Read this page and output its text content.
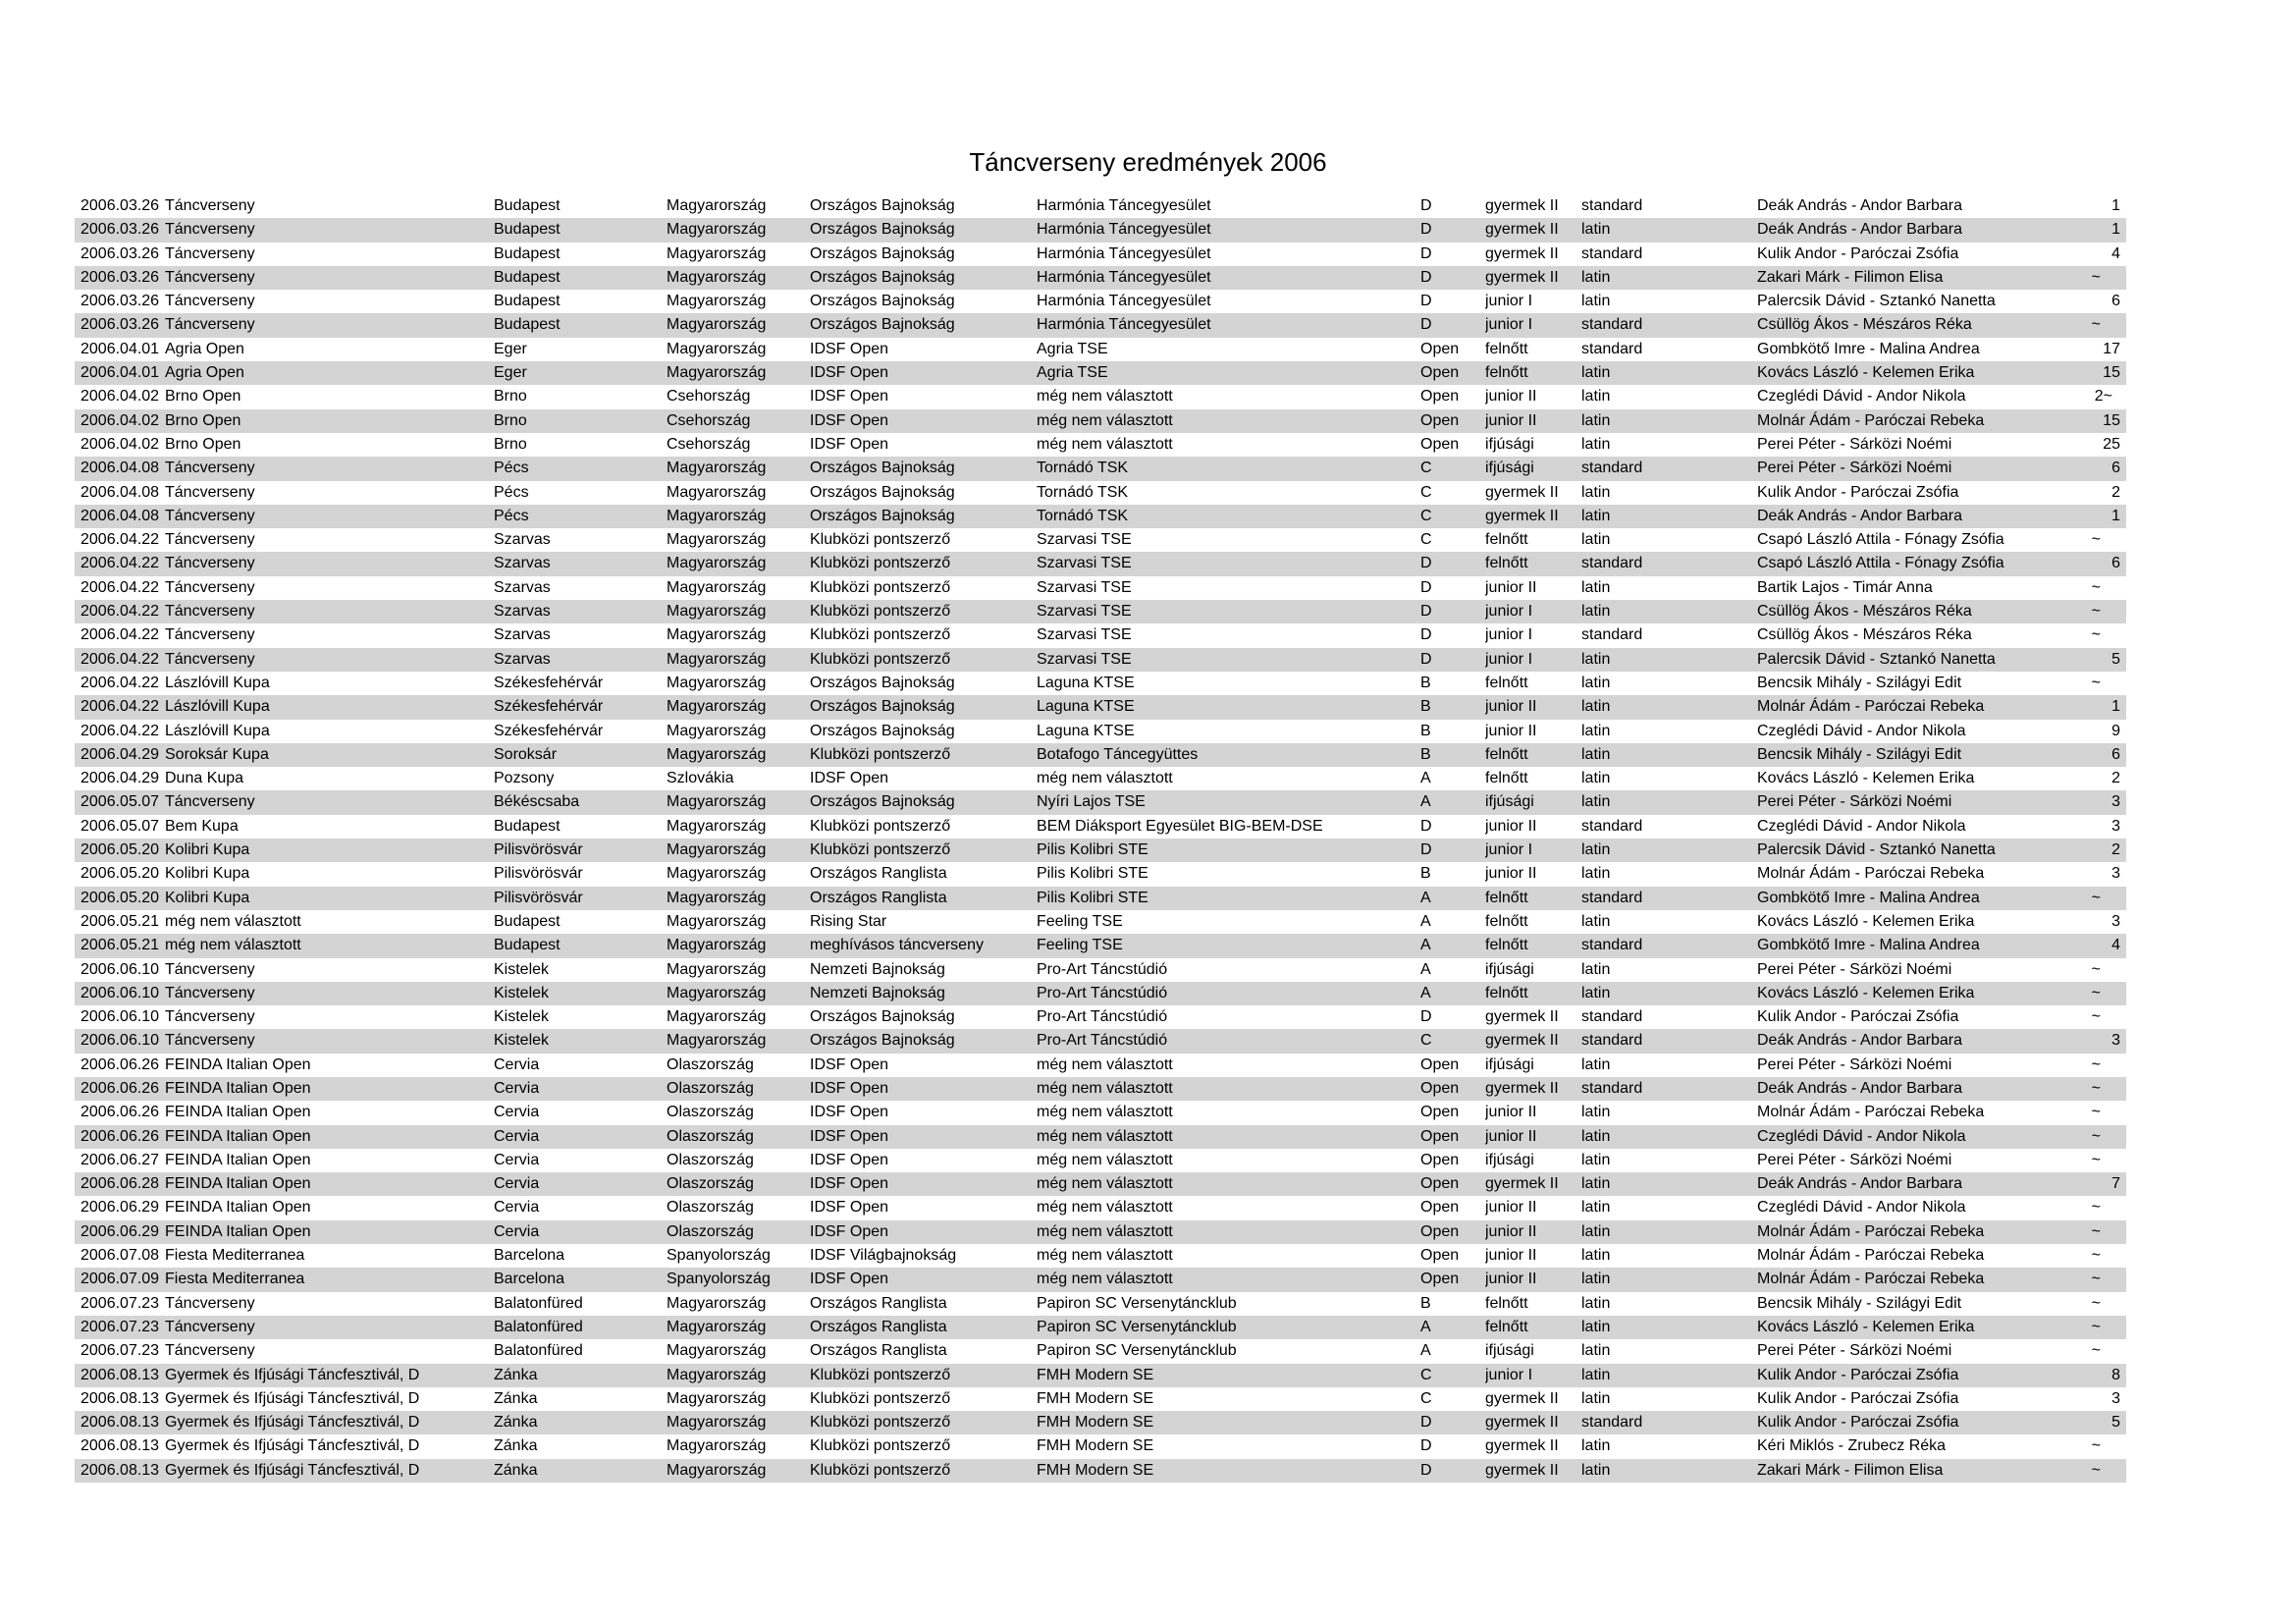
Táncverseny eredmények 2006
2006.03.26 Táncverseny	Budapest	Magyarország	Országos Bajnokság	Harmónia Táncegyesület	D	gyermek II	standard	Deák András - Andor Barbara	1
2006.03.26 Táncverseny	Budapest	Magyarország	Országos Bajnokság	Harmónia Táncegyesület	D	gyermek II	latin	Deák András - Andor Barbara	1
2006.03.26 Táncverseny	Budapest	Magyarország	Országos Bajnokság	Harmónia Táncegyesület	D	gyermek II	standard	Kulik Andor - Paróczai Zsófia	4
2006.03.26 Táncverseny	Budapest	Magyarország	Országos Bajnokság	Harmónia Táncegyesület	D	gyermek II	latin	Zakari Márk - Filimon Elisa	~
2006.03.26 Táncverseny	Budapest	Magyarország	Országos Bajnokság	Harmónia Táncegyesület	D	junior I	latin	Palercsik Dávid - Sztankó Nanetta	6
2006.03.26 Táncverseny	Budapest	Magyarország	Országos Bajnokság	Harmónia Táncegyesület	D	junior I	standard	Csüllög Ákos - Mészáros Réka	~
2006.04.01 Agria Open	Eger	Magyarország	IDSF Open	Agria TSE	Open	felnőtt	standard	Gombkötő Imre - Malina Andrea	17
2006.04.01 Agria Open	Eger	Magyarország	IDSF Open	Agria TSE	Open	felnőtt	latin	Kovács László - Kelemen Erika	15
2006.04.02 Brno Open	Brno	Csehország	IDSF Open	még nem választott	Open	junior II	latin	Czeglédi Dávid - Andor Nikola	2~
2006.04.02 Brno Open	Brno	Csehország	IDSF Open	még nem választott	Open	junior II	latin	Molnár Ádám - Paróczai Rebeka	15
2006.04.02 Brno Open	Brno	Csehország	IDSF Open	még nem választott	Open	ifjúsági	latin	Perei Péter - Sárközi Noémi	25
2006.04.08 Táncverseny	Pécs	Magyarország	Országos Bajnokság	Tornádó TSK	C	ifjúsági	standard	Perei Péter - Sárközi Noémi	6
2006.04.08 Táncverseny	Pécs	Magyarország	Országos Bajnokság	Tornádó TSK	C	gyermek II	latin	Kulik Andor - Paróczai Zsófia	2
2006.04.08 Táncverseny	Pécs	Magyarország	Országos Bajnokság	Tornádó TSK	C	gyermek II	latin	Deák András - Andor Barbara	1
2006.04.22 Táncverseny	Szarvas	Magyarország	Klubközi pontszerző	Szarvasi TSE	C	felnőtt	latin	Csapó László Attila - Fónagy Zsófia	~
2006.04.22 Táncverseny	Szarvas	Magyarország	Klubközi pontszerző	Szarvasi TSE	D	felnőtt	standard	Csapó László Attila - Fónagy Zsófia	6
2006.04.22 Táncverseny	Szarvas	Magyarország	Klubközi pontszerző	Szarvasi TSE	D	junior II	latin	Bartik Lajos - Timár Anna	~
2006.04.22 Táncverseny	Szarvas	Magyarország	Klubközi pontszerző	Szarvasi TSE	D	junior I	latin	Csüllög Ákos - Mészáros Réka	~
2006.04.22 Táncverseny	Szarvas	Magyarország	Klubközi pontszerző	Szarvasi TSE	D	junior I	standard	Csüllög Ákos - Mészáros Réka	~
2006.04.22 Táncverseny	Szarvas	Magyarország	Klubközi pontszerző	Szarvasi TSE	D	junior I	latin	Palercsik Dávid - Sztankó Nanetta	5
2006.04.22 Lászlóvill Kupa	Székesfehérvár	Magyarország	Országos Bajnokság	Laguna KTSE	B	felnőtt	latin	Bencsik Mihály - Szilágyi Edit	~
2006.04.22 Lászlóvill Kupa	Székesfehérvár	Magyarország	Országos Bajnokság	Laguna KTSE	B	junior II	latin	Molnár Ádám - Paróczai Rebeka	1
2006.04.22 Lászlóvill Kupa	Székesfehérvár	Magyarország	Országos Bajnokság	Laguna KTSE	B	junior II	latin	Czeglédi Dávid - Andor Nikola	9
2006.04.29 Soroksár Kupa	Soroksár	Magyarország	Klubközi pontszerző	Botafogo Táncegyüttes	B	felnőtt	latin	Bencsik Mihály - Szilágyi Edit	6
2006.04.29 Duna Kupa	Pozsony	Szlovákia	IDSF Open	még nem választott	A	felnőtt	latin	Kovács László - Kelemen Erika	2
2006.05.07 Táncverseny	Békéscsaba	Magyarország	Országos Bajnokság	Nyíri Lajos TSE	A	ifjúsági	latin	Perei Péter - Sárközi Noémi	3
2006.05.07 Bem Kupa	Budapest	Magyarország	Klubközi pontszerző	BEM Diáksport Egyesület BIG-BEM-DSE	D	junior II	standard	Czeglédi Dávid - Andor Nikola	3
2006.05.20 Kolibri Kupa	Pilisvörösvár	Magyarország	Klubközi pontszerző	Pilis Kolibri STE	D	junior I	latin	Palercsik Dávid - Sztankó Nanetta	2
2006.05.20 Kolibri Kupa	Pilisvörösvár	Magyarország	Országos Ranglista	Pilis Kolibri STE	B	junior II	latin	Molnár Ádám - Paróczai Rebeka	3
2006.05.20 Kolibri Kupa	Pilisvörösvár	Magyarország	Országos Ranglista	Pilis Kolibri STE	A	felnőtt	standard	Gombkötő Imre - Malina Andrea	~
2006.05.21 még nem választott	Budapest	Magyarország	Rising Star	Feeling TSE	A	felnőtt	latin	Kovács László - Kelemen Erika	3
2006.05.21 még nem választott	Budapest	Magyarország	meghívásos táncverseny	Feeling TSE	A	felnőtt	standard	Gombkötő Imre - Malina Andrea	4
2006.06.10 Táncverseny	Kistelek	Magyarország	Nemzeti Bajnokság	Pro-Art Táncstúdió	A	ifjúsági	latin	Perei Péter - Sárközi Noémi	~
2006.06.10 Táncverseny	Kistelek	Magyarország	Nemzeti Bajnokság	Pro-Art Táncstúdió	A	felnőtt	latin	Kovács László - Kelemen Erika	~
2006.06.10 Táncverseny	Kistelek	Magyarország	Országos Bajnokság	Pro-Art Táncstúdió	D	gyermek II	standard	Kulik Andor - Paróczai Zsófia	~
2006.06.10 Táncverseny	Kistelek	Magyarország	Országos Bajnokság	Pro-Art Táncstúdió	C	gyermek II	standard	Deák András - Andor Barbara	3
2006.06.26 FEINDA Italian Open	Cervia	Olaszország	IDSF Open	még nem választott	Open	ifjúsági	latin	Perei Péter - Sárközi Noémi	~
2006.06.26 FEINDA Italian Open	Cervia	Olaszország	IDSF Open	még nem választott	Open	gyermek II	standard	Deák András - Andor Barbara	~
2006.06.26 FEINDA Italian Open	Cervia	Olaszország	IDSF Open	még nem választott	Open	junior II	latin	Molnár Ádám - Paróczai Rebeka	~
2006.06.26 FEINDA Italian Open	Cervia	Olaszország	IDSF Open	még nem választott	Open	junior II	latin	Czeglédi Dávid - Andor Nikola	~
2006.06.27 FEINDA Italian Open	Cervia	Olaszország	IDSF Open	még nem választott	Open	ifjúsági	latin	Perei Péter - Sárközi Noémi	~
2006.06.28 FEINDA Italian Open	Cervia	Olaszország	IDSF Open	még nem választott	Open	gyermek II	latin	Deák András - Andor Barbara	7
2006.06.29 FEINDA Italian Open	Cervia	Olaszország	IDSF Open	még nem választott	Open	junior II	latin	Czeglédi Dávid - Andor Nikola	~
2006.06.29 FEINDA Italian Open	Cervia	Olaszország	IDSF Open	még nem választott	Open	junior II	latin	Molnár Ádám - Paróczai Rebeka	~
2006.07.08 Fiesta Mediterranea	Barcelona	Spanyolország	IDSF Világbajnokság	még nem választott	Open	junior II	latin	Molnár Ádám - Paróczai Rebeka	~
2006.07.09 Fiesta Mediterranea	Barcelona	Spanyolország	IDSF Open	még nem választott	Open	junior II	latin	Molnár Ádám - Paróczai Rebeka	~
2006.07.23 Táncverseny	Balatonfüred	Magyarország	Országos Ranglista	Papiron SC Versenytáncklub	B	felnőtt	latin	Bencsik Mihály - Szilágyi Edit	~
2006.07.23 Táncverseny	Balatonfüred	Magyarország	Országos Ranglista	Papiron SC Versenytáncklub	A	felnőtt	latin	Kovács László - Kelemen Erika	~
2006.07.23 Táncverseny	Balatonfüred	Magyarország	Országos Ranglista	Papiron SC Versenytáncklub	A	ifjúsági	latin	Perei Péter - Sárközi Noémi	~
2006.08.13 Gyermek és Ifjúsági Táncfesztivál, D	Zánka	Magyarország	Klubközi pontszerző	FMH Modern SE	C	junior I	latin	Kulik Andor - Paróczai Zsófia	8
2006.08.13 Gyermek és Ifjúsági Táncfesztivál, D	Zánka	Magyarország	Klubközi pontszerző	FMH Modern SE	C	gyermek II	latin	Kulik Andor - Paróczai Zsófia	3
2006.08.13 Gyermek és Ifjúsági Táncfesztivál, D	Zánka	Magyarország	Klubközi pontszerző	FMH Modern SE	D	gyermek II	standard	Kulik Andor - Paróczai Zsófia	5
2006.08.13 Gyermek és Ifjúsági Táncfesztivál, D	Zánka	Magyarország	Klubközi pontszerző	FMH Modern SE	D	gyermek II	latin	Kéri Miklós - Zrubecz Réka	~
2006.08.13 Gyermek és Ifjúsági Táncfesztivál, D	Zánka	Magyarország	Klubközi pontszerző	FMH Modern SE	D	gyermek II	latin	Zakari Márk - Filimon Elisa	~
